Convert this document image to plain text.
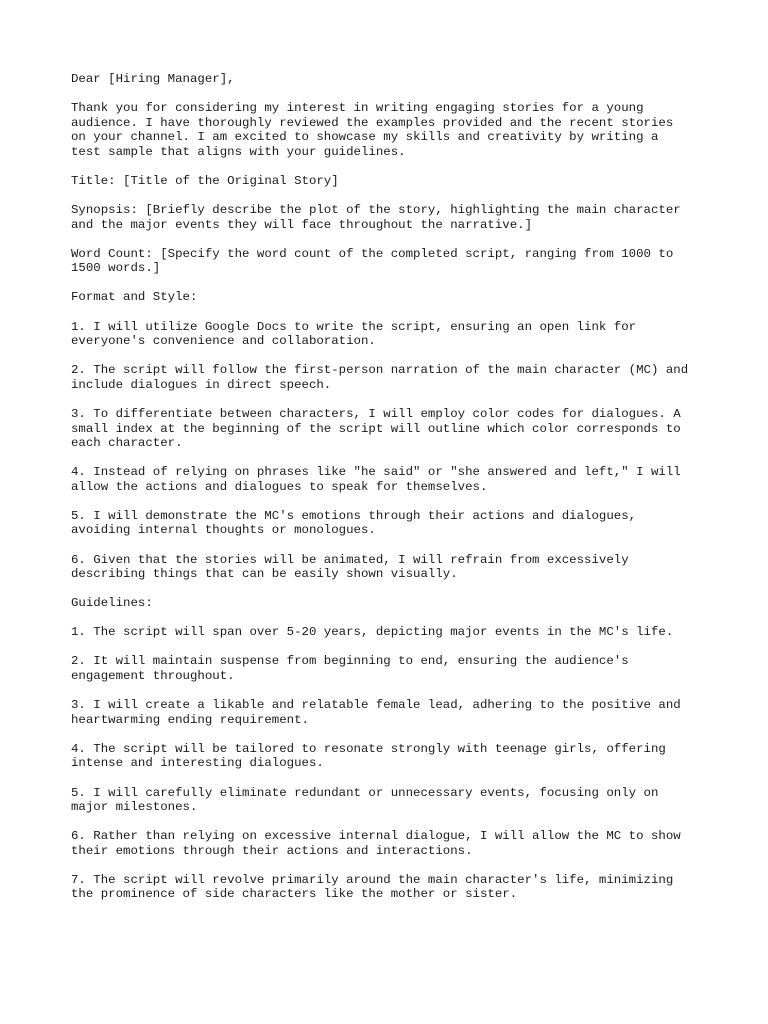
Dear [Hiring Manager],

Thank you for considering my interest in writing engaging stories for a young
audience. I have thoroughly reviewed the examples provided and the recent stories
on your channel. I am excited to showcase my skills and creativity by writing a
test sample that aligns with your guidelines.

Title: [Title of the Original Story]

Synopsis: [Briefly describe the plot of the story, highlighting the main character
and the major events they will face throughout the narrative.]

Word Count: [Specify the word count of the completed script, ranging from 1000 to
1500 words.]

Format and Style:

1. I will utilize Google Docs to write the script, ensuring an open link for
everyone's convenience and collaboration.

2. The script will follow the first-person narration of the main character (MC) and
include dialogues in direct speech.

3. To differentiate between characters, I will employ color codes for dialogues. A
small index at the beginning of the script will outline which color corresponds to
each character.

4. Instead of relying on phrases like "he said" or "she answered and left," I will
allow the actions and dialogues to speak for themselves.

5. I will demonstrate the MC's emotions through their actions and dialogues,
avoiding internal thoughts or monologues.

6. Given that the stories will be animated, I will refrain from excessively
describing things that can be easily shown visually.

Guidelines:

1. The script will span over 5-20 years, depicting major events in the MC's life.

2. It will maintain suspense from beginning to end, ensuring the audience's
engagement throughout.

3. I will create a likable and relatable female lead, adhering to the positive and
heartwarming ending requirement.

4. The script will be tailored to resonate strongly with teenage girls, offering
intense and interesting dialogues.

5. I will carefully eliminate redundant or unnecessary events, focusing only on
major milestones.

6. Rather than relying on excessive internal dialogue, I will allow the MC to show
their emotions through their actions and interactions.

7. The script will revolve primarily around the main character's life, minimizing
the prominence of side characters like the mother or sister.
